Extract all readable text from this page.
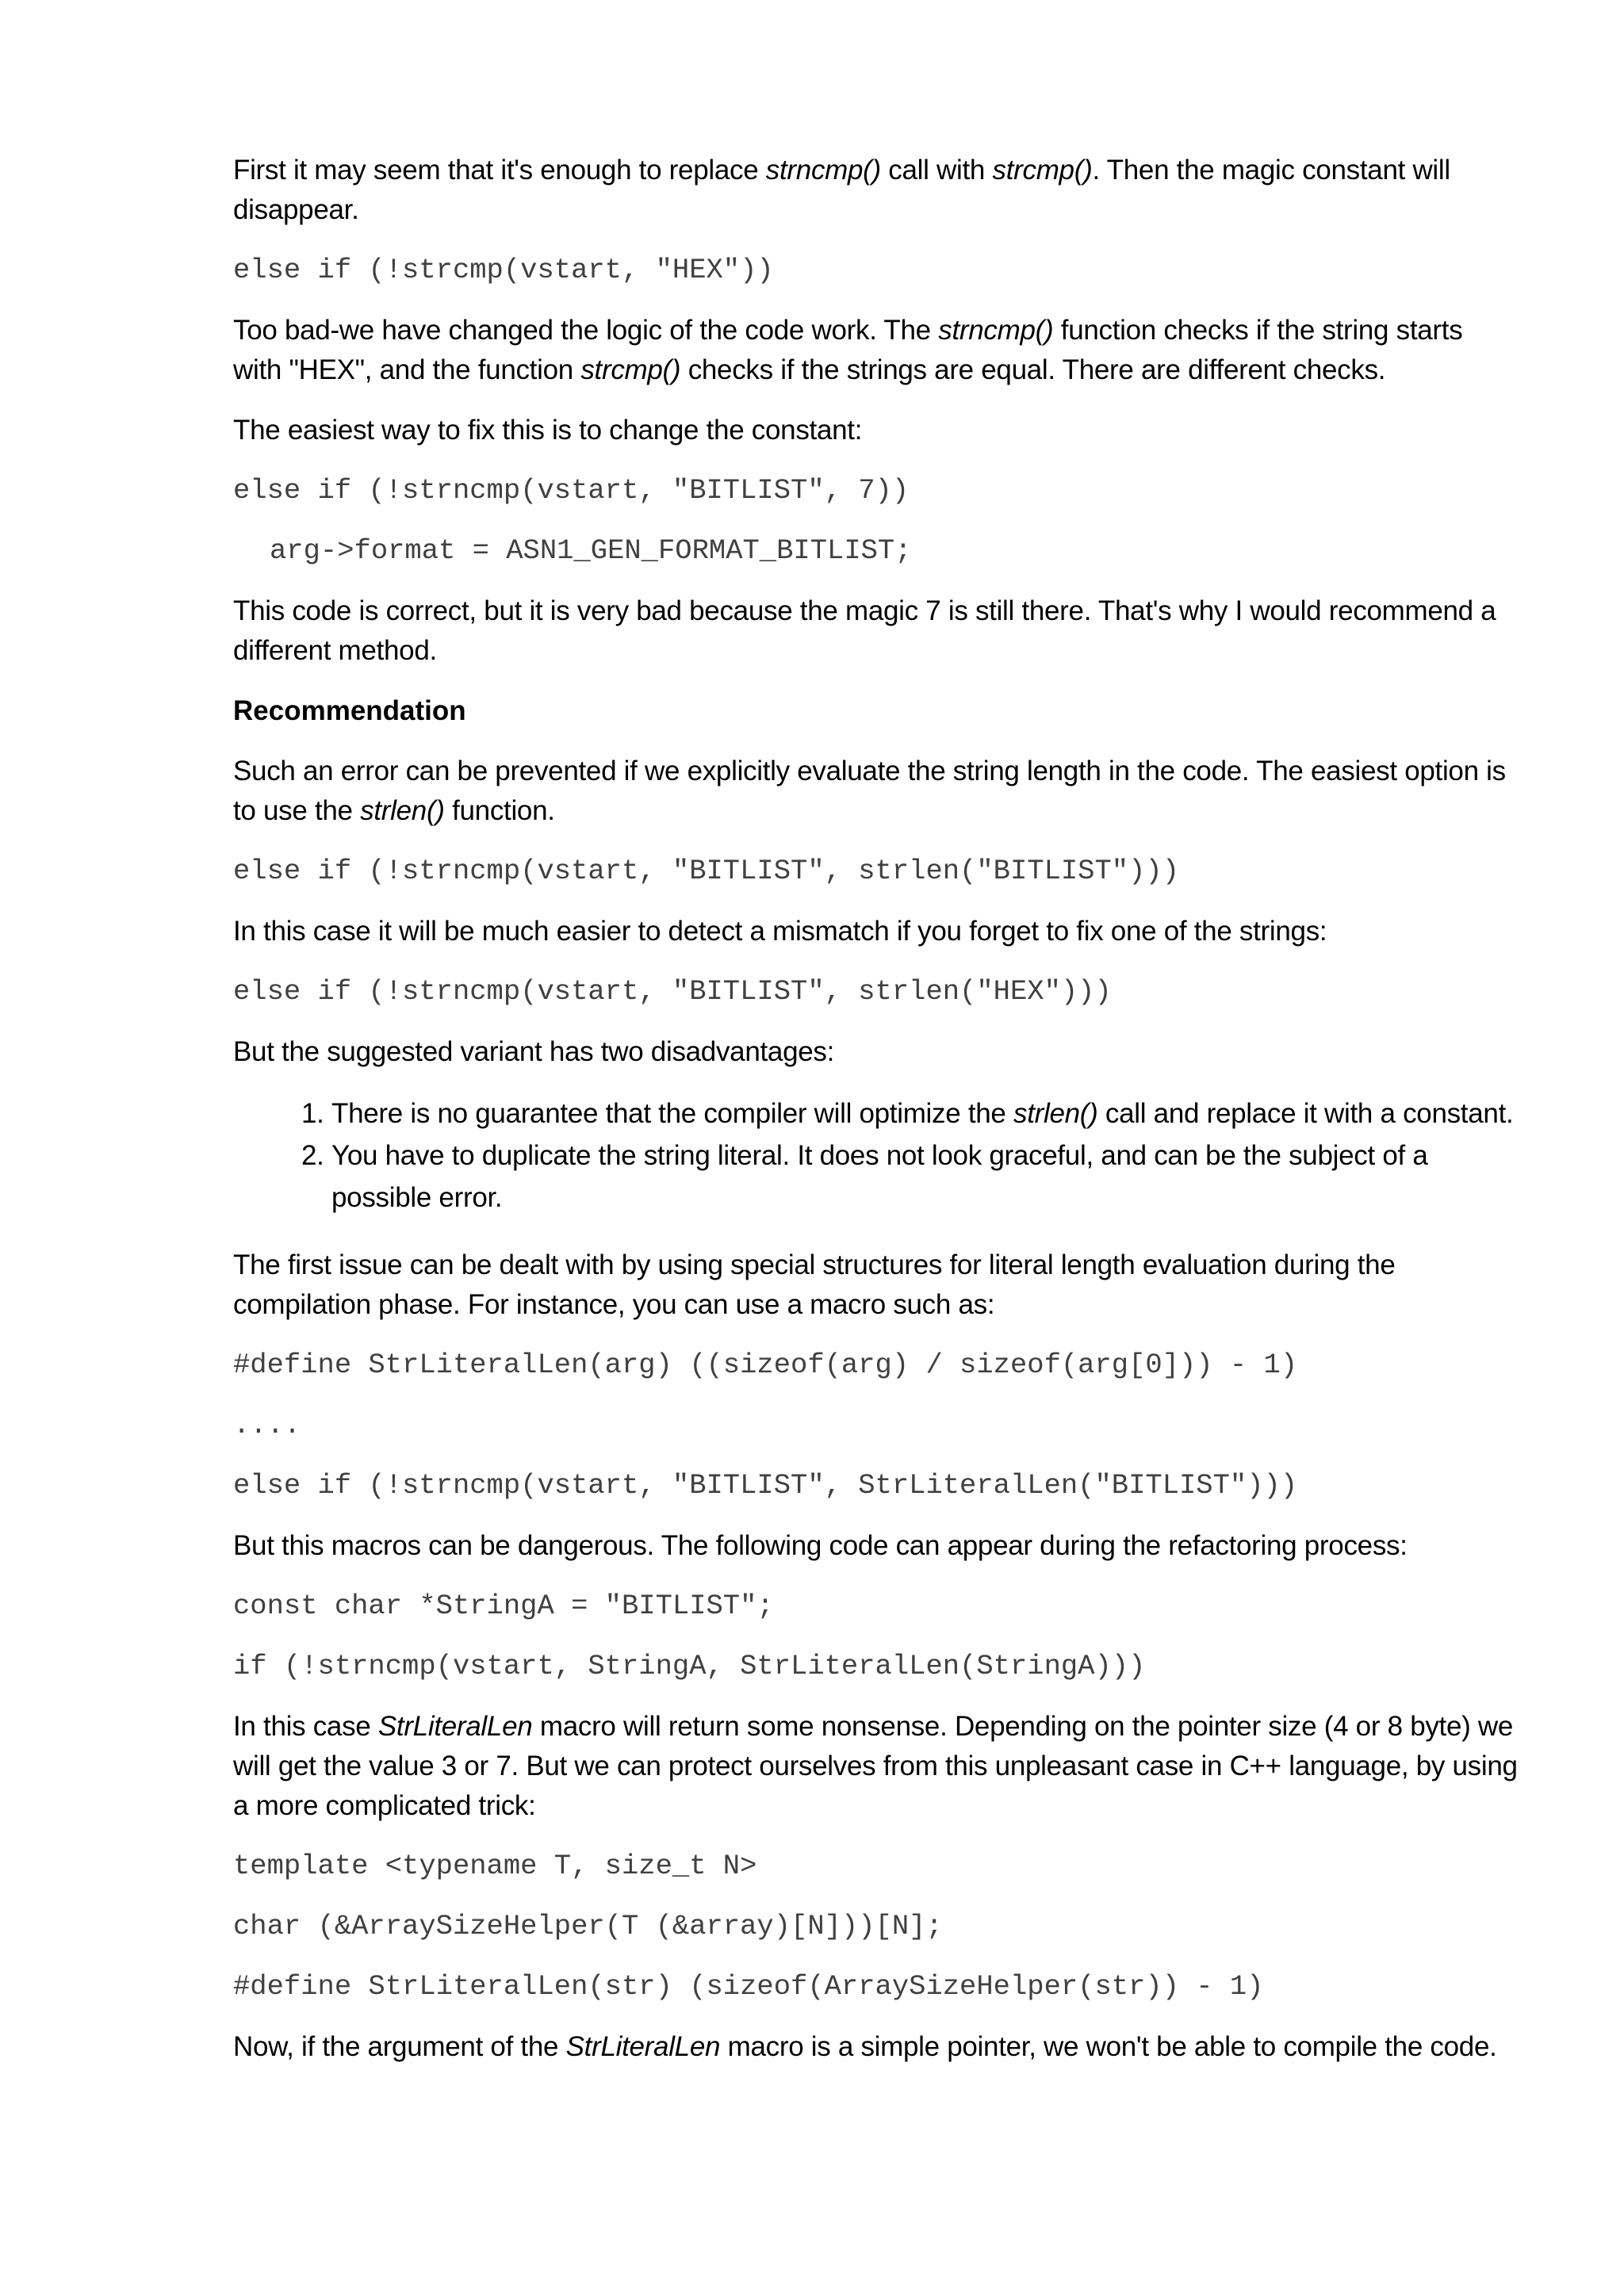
First it may seem that it's enough to replace strncmp() call with strcmp(). Then the magic constant will disappear.

else if (!strcmp(vstart, "HEX"))

Too bad-we have changed the logic of the code work. The strncmp() function checks if the string starts with "HEX", and the function strcmp() checks if the strings are equal. There are different checks.

The easiest way to fix this is to change the constant:

else if (!strncmp(vstart, "BITLIST", 7))
arg->format = ASN1_GEN_FORMAT_BITLIST;

This code is correct, but it is very bad because the magic 7 is still there. That's why I would recommend a different method.

Recommendation

Such an error can be prevented if we explicitly evaluate the string length in the code. The easiest option is to use the strlen() function.

else if (!strncmp(vstart, "BITLIST", strlen("BITLIST")))

In this case it will be much easier to detect a mismatch if you forget to fix one of the strings:

else if (!strncmp(vstart, "BITLIST", strlen("HEX")))

But the suggested variant has two disadvantages:

1. There is no guarantee that the compiler will optimize the strlen() call and replace it with a constant.
2. You have to duplicate the string literal. It does not look graceful, and can be the subject of a possible error.

The first issue can be dealt with by using special structures for literal length evaluation during the compilation phase. For instance, you can use a macro such as:

#define StrLiteralLen(arg) ((sizeof(arg) / sizeof(arg[0])) - 1)
....
else if (!strncmp(vstart, "BITLIST", StrLiteralLen("BITLIST")))

But this macros can be dangerous. The following code can appear during the refactoring process:

const char *StringA = "BITLIST";
if (!strncmp(vstart, StringA, StrLiteralLen(StringA)))

In this case StrLiteralLen macro will return some nonsense. Depending on the pointer size (4 or 8 byte) we will get the value 3 or 7. But we can protect ourselves from this unpleasant case in C++ language, by using a more complicated trick:

template <typename T, size_t N>
char (&ArraySizeHelper(T (&array)[N]))[N];
#define StrLiteralLen(str) (sizeof(ArraySizeHelper(str)) - 1)

Now, if the argument of the StrLiteralLen macro is a simple pointer, we won't be able to compile the code.
